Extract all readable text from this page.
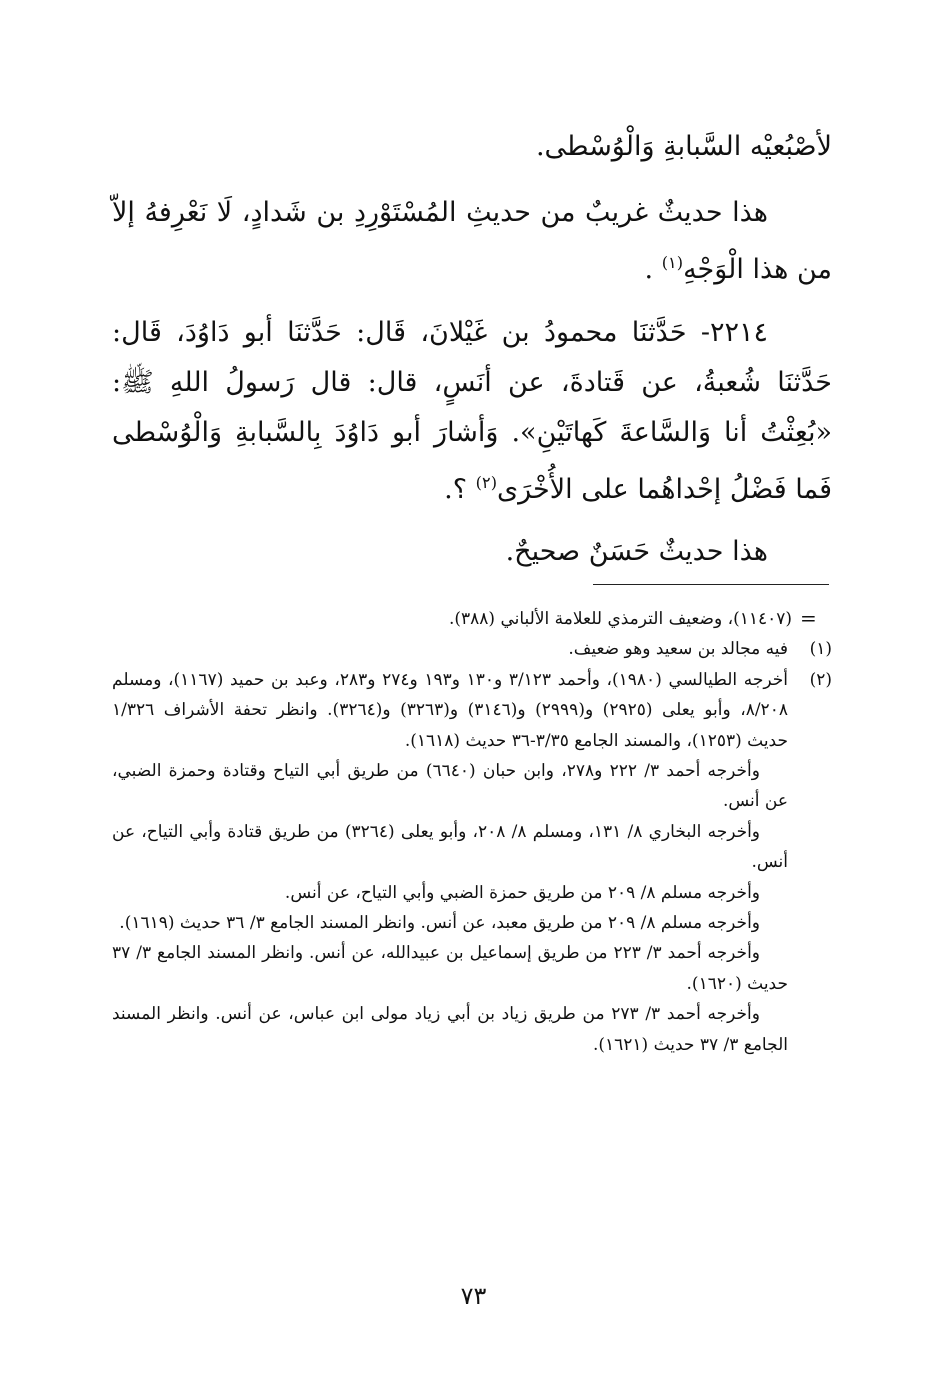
لأصْبُعيْه السَّبابةِ وَالْوُسْطى.
هذا حديثٌ غريبٌ من حديثِ المُسْتَوْرِدِ بن شَدادٍ، لَا نَعْرِفهُ إلاّ من هذا الْوَجْهِ$^{(١)}$ .
٢٢١٤- حَدَّثنَا محمودُ بن غَيْلانَ، قَال: حَدَّثنَا أبو دَاوُدَ، قَال: حَدَّثنَا شُعبةُ، عن قَتادةَ، عن أنَسٍ، قال: قال رَسولُ اللهِ ﷺ: «بُعِثْتُ أنا وَالسَّاعةَ كَهاتَيْنِ». وَأشارَ أبو دَاوُدَ بِالسَّبابةِ وَالْوُسْطى فَما فَضْلُ إحْداهُما على الأُخْرَى$^{(٢)}$ ؟.
هذا حديثٌ حَسَنٌ صحيحٌ.
=
(١١٤٠٧)، وضعيف الترمذي للعلامة الألباني (٣٨٨).
(١)
فيه مجالد بن سعيد وهو ضعيف.
(٢)
أخرجه الطيالسي (١٩٨٠)، وأحمد ٣/١٢٣ و١٣٠ و١٩٣ و٢٧٤ و٢٨٣، وعبد بن حميد (١١٦٧)، ومسلم ٨/٢٠٨، وأبو يعلى (٢٩٢٥) و(٢٩٩٩) و(٣١٤٦) و(٣٢٦٣) و(٣٢٦٤). وانظر تحفة الأشراف ١/٣٢٦ حديث (١٢٥٣)، والمسند الجامع ٣/٣٥-٣٦ حديث (١٦١٨).
وأخرجه أحمد ٣/ ٢٢٢ و٢٧٨، وابن حبان (٦٦٤٠) من طريق أبي التياح وقتادة وحمزة الضبي، عن أنس.
وأخرجه البخاري ٨/ ١٣١، ومسلم ٨/ ٢٠٨، وأبو يعلى (٣٢٦٤) من طريق قتادة وأبي التياح، عن أنس.
وأخرجه مسلم ٨/ ٢٠٩ من طريق حمزة الضبي وأبي التياح، عن أنس.
وأخرجه مسلم ٨/ ٢٠٩ من طريق معبد، عن أنس. وانظر المسند الجامع ٣/ ٣٦ حديث (١٦١٩).
وأخرجه أحمد ٣/ ٢٢٣ من طريق إسماعيل بن عبيدالله، عن أنس. وانظر المسند الجامع ٣/ ٣٧ حديث (١٦٢٠).
وأخرجه أحمد ٣/ ٢٧٣ من طريق زياد بن أبي زياد مولى ابن عباس، عن أنس. وانظر المسند الجامع ٣/ ٣٧ حديث (١٦٢١).
٧٣
